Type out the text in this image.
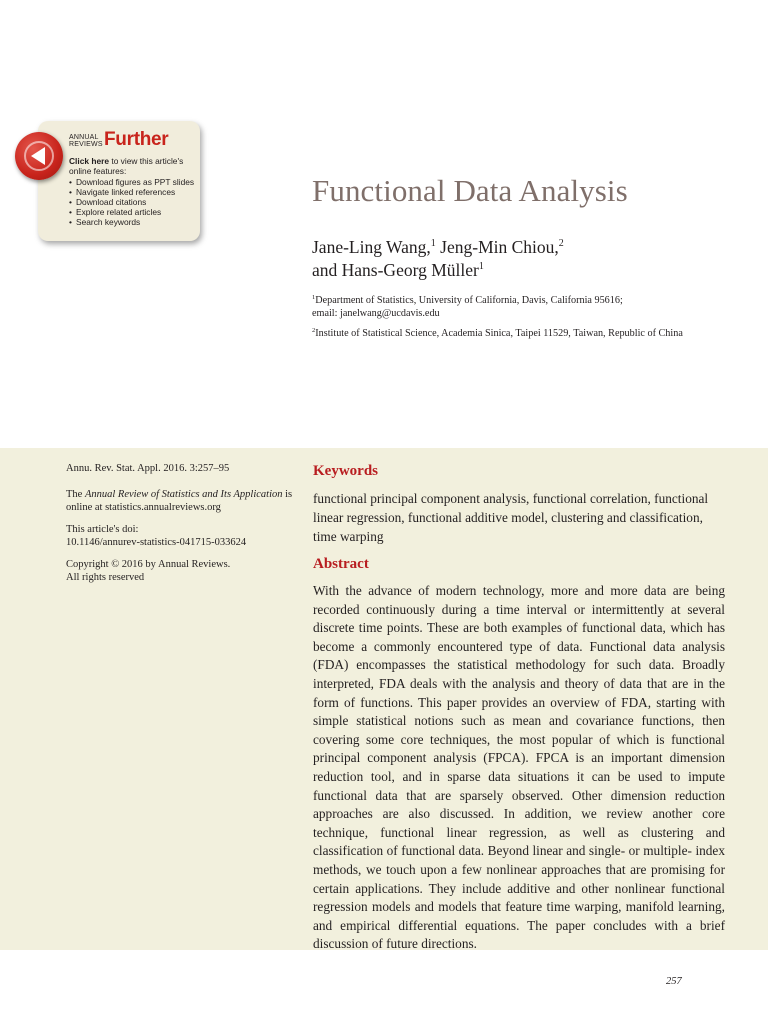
ANNUAL
REVIEWS Further
Click here to view this article's online features:
• Download figures as PPT slides
• Navigate linked references
• Download citations
• Explore related articles
• Search keywords
Functional Data Analysis
Jane-Ling Wang,$^1$ Jeng-Min Chiou,$^2$
and Hans-Georg Müller$^1$
$^1$Department of Statistics, University of California, Davis, California 95616;
email: janelwang@ucdavis.edu
$^2$Institute of Statistical Science, Academia Sinica, Taipei 11529, Taiwan, Republic of China

Annu. Rev. Stat. Appl. 2016. 3:257–95

The Annual Review of Statistics and Its Application is online at statistics.annualreviews.org

This article's doi:
10.1146/annurev-statistics-041715-033624

Copyright © 2016 by Annual Reviews.
All rights reserved

Keywords

functional principal component analysis, functional correlation, functional linear regression, functional additive model, clustering and classification, time warping

Abstract

With the advance of modern technology, more and more data are being recorded continuously during a time interval or intermittently at several discrete time points. These are both examples of functional data, which has become a commonly encountered type of data. Functional data analysis (FDA) encompasses the statistical methodology for such data. Broadly interpreted, FDA deals with the analysis and theory of data that are in the form of functions. This paper provides an overview of FDA, starting with simple statistical notions such as mean and covariance functions, then covering some core techniques, the most popular of which is functional principal component analysis (FPCA). FPCA is an important dimension reduction tool, and in sparse data situations it can be used to impute functional data that are sparsely observed. Other dimension reduction approaches are also discussed. In addition, we review another core technique, functional linear regression, as well as clustering and classification of functional data. Beyond linear and single- or multiple- index methods, we touch upon a few nonlinear approaches that are promising for certain applications. They include additive and other nonlinear functional regression models and models that feature time warping, manifold learning, and empirical differential equations. The paper concludes with a brief discussion of future directions.

257
